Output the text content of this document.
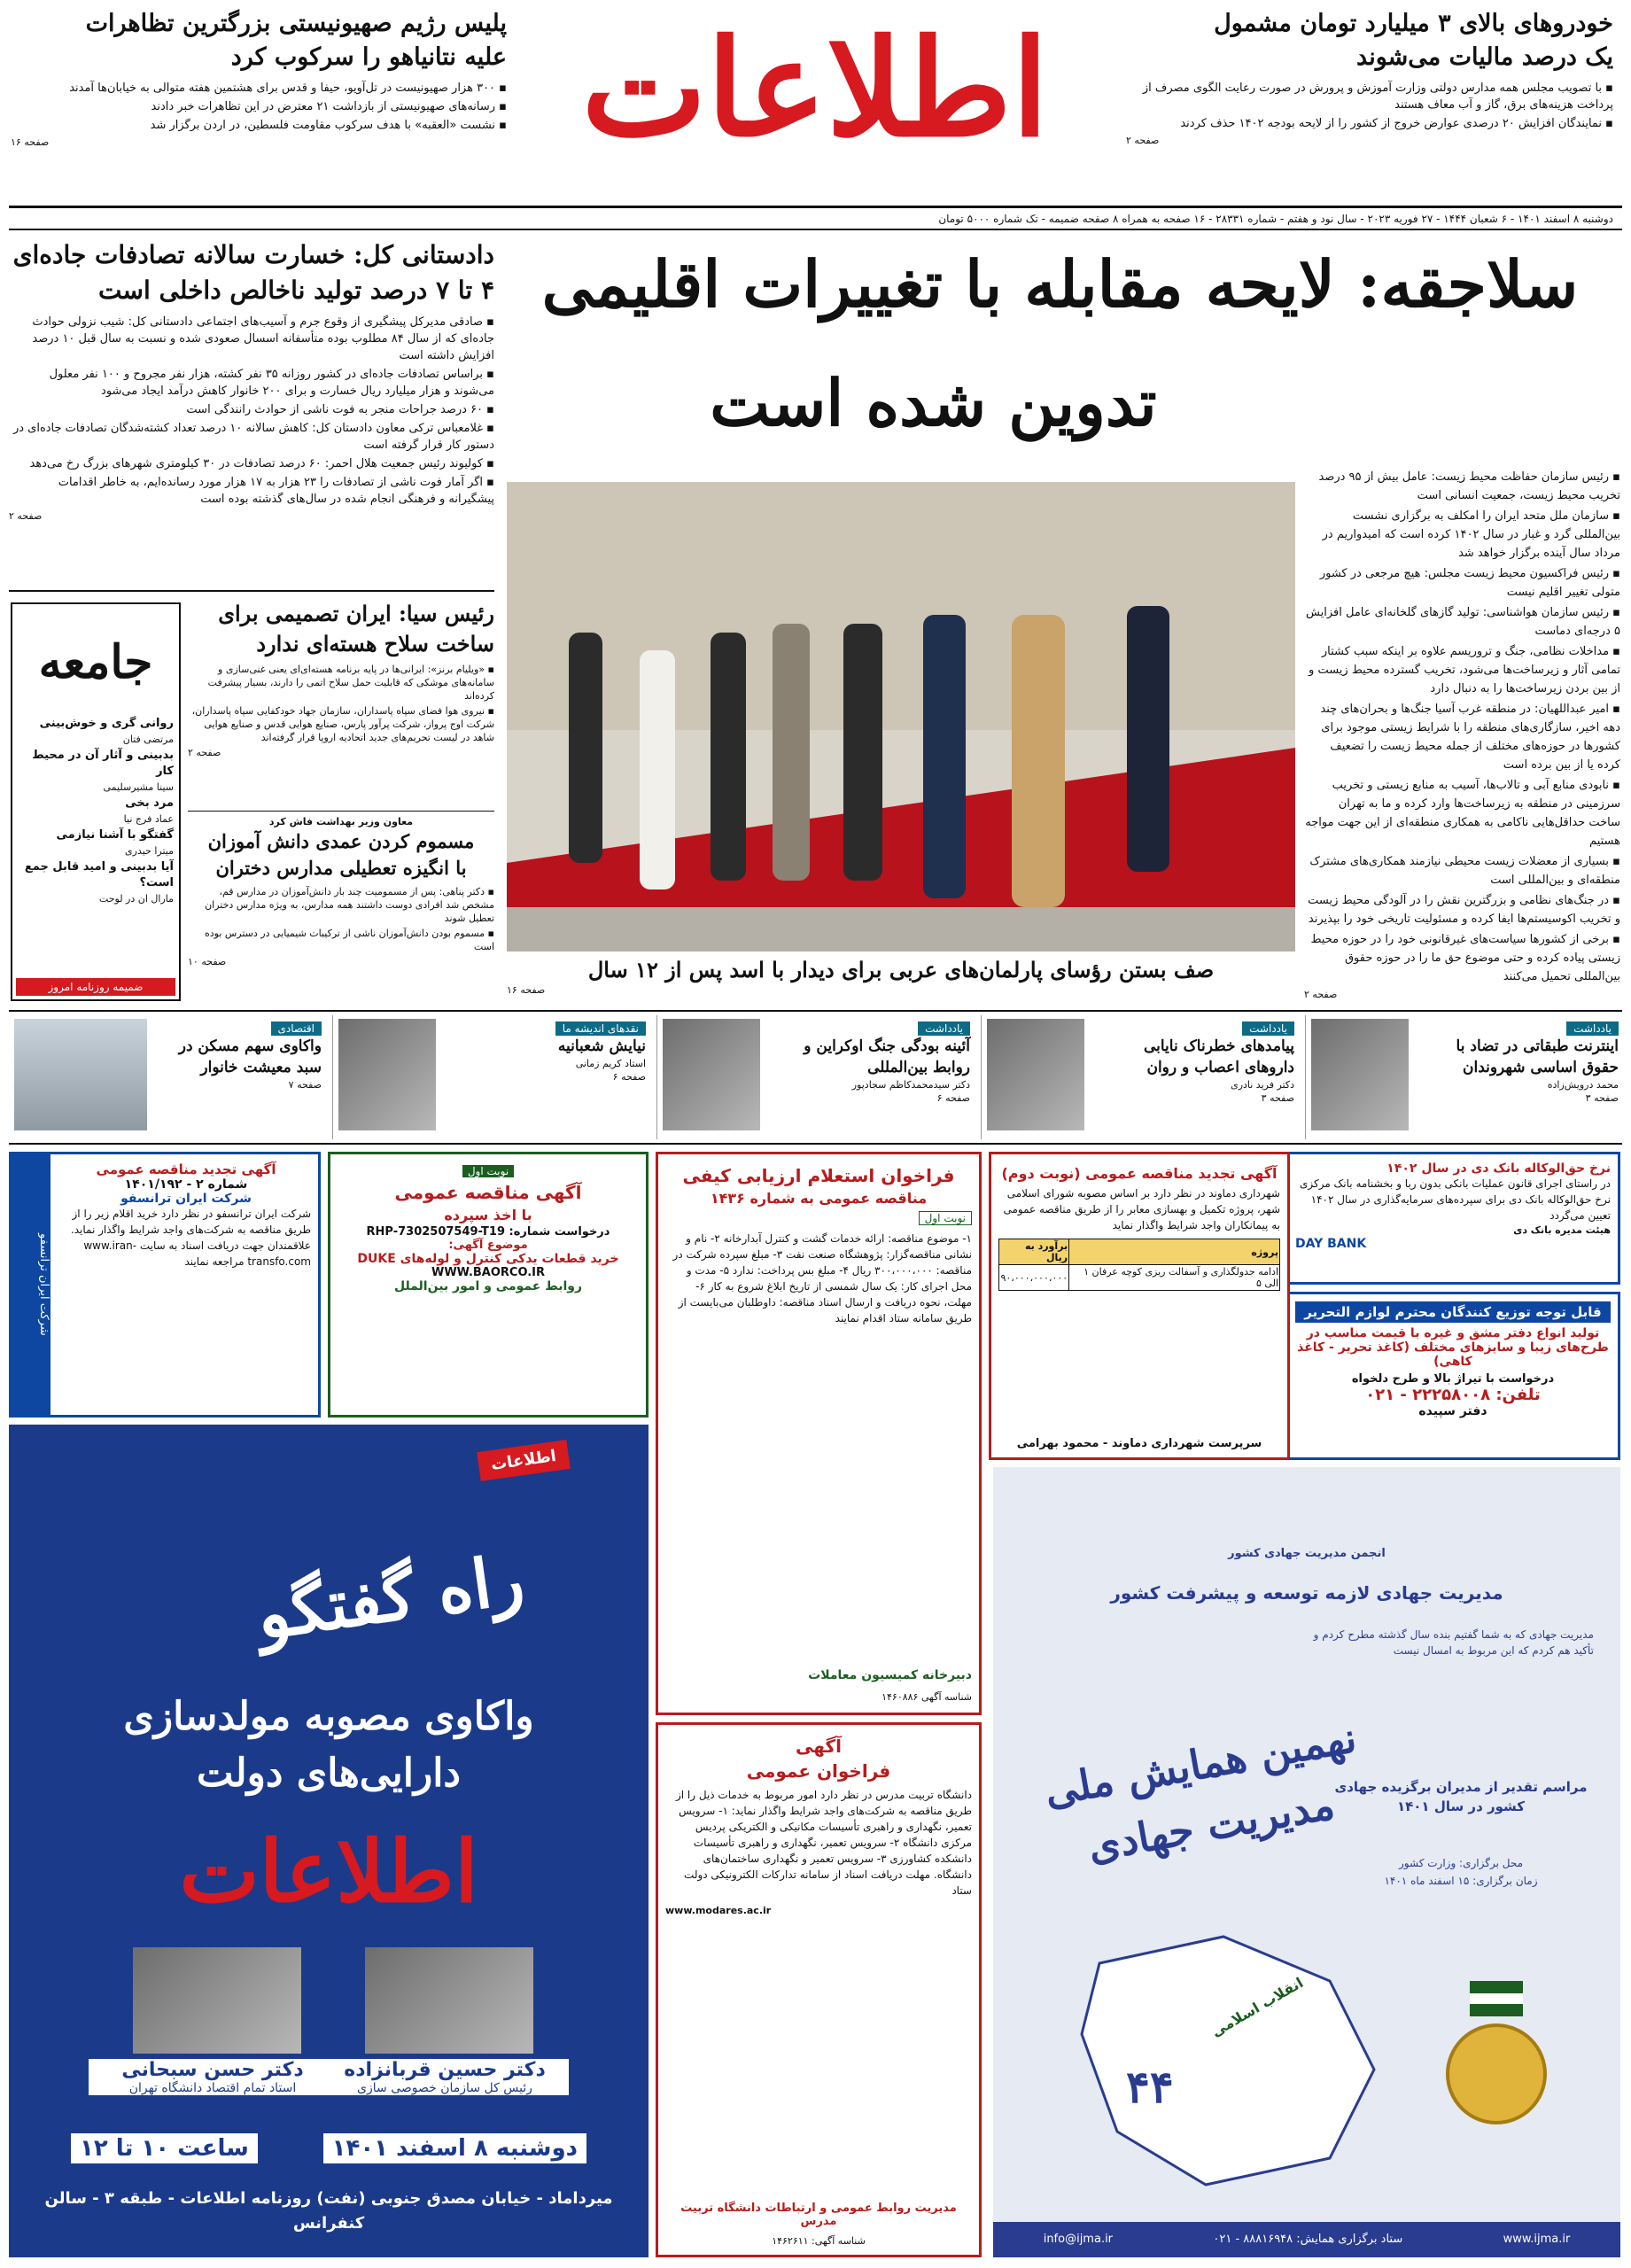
خودروهای بالای ۳ میلیارد تومان مشمول
یک درصد مالیات می‌شوند
▪ با تصویب مجلس همه مدارس دولتی وزارت آموزش و پرورش در صورت رعایت الگوی مصرف از پرداخت هزینه‌های برق، گاز و آب معاف هستند
▪ نمایندگان افزایش ۲۰ درصدی عوارض خروج از کشور را از لایحه بودجه ۱۴۰۲ حذف کردند
صفحه ۲
اطلاعات
پلیس رژیم صهیونیستی بزرگترین تظاهرات
علیه نتانیاهو را سرکوب کرد
▪ ۳۰۰ هزار صهیونیست در تل‌آویو، حیفا و قدس برای هشتمین هفته متوالی به خیابان‌ها آمدند
▪ رسانه‌های صهیونیستی از بازداشت ۲۱ معترض در این تظاهرات خبر دادند
▪ نشست «العقبه» با هدف سرکوب مقاومت فلسطین، در اردن برگزار شد
صفحه ۱۶
دوشنبه ۸ اسفند ۱۴۰۱ - ۶ شعبان ۱۴۴۴ - ۲۷ فوریه ۲۰۲۳ - سال نود و هفتم - شماره ۲۸۳۳۱ - ۱۶ صفحه به همراه ۸ صفحه ضمیمه - تک شماره ۵۰۰۰ تومان
دادستانی کل: خسارت سالانه تصادفات جاده‌ای
۴ تا ۷ درصد تولید ناخالص داخلی است
▪ صادقی مدیرکل پیشگیری از وقوع جرم و آسیب‌های اجتماعی دادستانی کل: شیب نزولی حوادث جاده‌ای که از سال ۸۴ مطلوب بوده متأسفانه اسسال صعودی شده و نسبت به سال قبل ۱۰ درصد افزایش داشته است
▪ براساس تصادفات جاده‌ای در کشور روزانه ۳۵ نفر کشته، هزار نفر مجروح و ۱۰۰ نفر معلول می‌شوند و هزار میلیارد ریال خسارت و برای ۲۰۰ خانوار کاهش درآمد ایجاد می‌شود
▪ ۶۰ درصد جراحات منجر به فوت ناشی از حوادث رانندگی است
▪ غلامعباس ترکی معاون دادستان کل: کاهش سالانه ۱۰ درصد تعداد کشته‌شدگان تصادفات جاده‌ای در دستور کار قرار گرفته است
▪ کولیوند رئیس جمعیت هلال احمر: ۶۰ درصد تصادفات در ۳۰ کیلومتری شهرهای بزرگ رخ می‌دهد
▪ اگر آمار فوت ناشی از تصادفات را ۲۳ هزار به ۱۷ هزار مورد رسانده‌ایم، به خاطر اقدامات پیشگیرانه و فرهنگی انجام شده در سال‌های گذشته بوده است
صفحه ۲
رئیس سیا: ایران تصمیمی برای
ساخت سلاح هسته‌ای ندارد
▪ «ویلیام برنز»: ایرانی‌ها در پایه برنامه هسته‌ای‌ای یعنی غنی‌سازی و سامانه‌های موشکی که قابلیت حمل سلاح اتمی را دارند، بسیار پیشرفت کرده‌اند
▪ نیروی هوا فضای سپاه پاسداران، سازمان جهاد خودکفایی سپاه پاسداران، شرکت اوج پرواز، شرکت پرآور پارس، صنایع هوایی قدس و صنایع هوایی شاهد در لیست تحریم‌های جدید اتحادیه اروپا قرار گرفته‌اند
صفحه ۲
معاون وزیر بهداشت فاش کرد
مسموم کردن عمدی دانش آموزان
با انگیزه تعطیلی مدارس دختران
▪ دکتر پناهی: پس از مسمومیت چند بار دانش‌آموزان در مدارس قم، مشخص شد افرادی دوست داشتند همه مدارس، به ویژه مدارس دختران تعطیل شوند
▪ مسموم بودن دانش‌آموزان ناشی از ترکیبات شیمیایی در دسترس بوده است
صفحه ۱۰
جامعه
روانی گری و خوش‌بینی
مرتضی فتان
بدبینی و آثار آن در محیط کار
سینا مشیرسلیمی
مرد بخی
عماد فرج نیا
گفتگو با آشنا نیازمی
میترا حیدری
آیا بدبینی و امید قابل جمع است؟
مارال ان در لوحت
ضمیمه روزنامه امروز
سلاجقه: لایحه مقابله با تغییرات اقلیمی
تدوین شده است
صف بستن رؤسای پارلمان‌های عربی برای دیدار با اسد پس از ۱۲ سال
صفحه ۱۶
▪ رئیس سازمان حفاظت محیط زیست: عامل بیش از ۹۵ درصد تخریب محیط زیست، جمعیت انسانی است
▪ سازمان ملل متحد ایران را امکلف به برگزاری نشست بین‌المللی گرد و غبار در سال ۱۴۰۲ کرده است که امیدواریم در مرداد سال آینده برگزار خواهد شد
▪ رئیس فراکسیون محیط زیست مجلس: هیچ مرجعی در کشور متولی تغییر اقلیم نیست
▪ رئیس سازمان هواشناسی: تولید گازهای گلخانه‌ای عامل افزایش ۵ درجه‌ای دماست
▪ مداخلات نظامی، جنگ و تروریسم علاوه بر اینکه سبب کشتار تمامی آثار و زیرساخت‌ها می‌شود، تخریب گسترده محیط زیست و از بین بردن زیرساخت‌ها را به دنبال دارد
▪ امیر عبداللهیان: در منطقه غرب آسیا جنگ‌ها و بحران‌های چند دهه اخیر، سازگاری‌های منطقه را با شرایط زیستی موجود برای کشورها در حوزه‌های مختلف از جمله محیط زیست را تضعیف کرده یا از بین برده است
▪ نابودی منابع آبی و تالاب‌ها، آسیب به منابع زیستی و تخریب سرزمینی در منطقه به زیرساخت‌ها وارد کرده و ما به تهران ساخت حداقل‌هایی ناکامی به همکاری منطقه‌ای از این جهت مواجه هستیم
▪ بسیاری از معضلات زیست محیطی نیازمند همکاری‌های مشترک منطقه‌ای و بین‌المللی است
▪ در جنگ‌های نظامی و بزرگترین نقش را در آلودگی محیط زیست و تخریب اکوسیستم‌ها ایفا کرده و مسئولیت تاریخی خود را بپذیرند
▪ برخی از کشورها سیاست‌های غیرقانونی خود را در حوزه محیط زیستی پیاده کرده و حتی موضوع حق ما را در حوزه حقوق بین‌المللی تحمیل می‌کنند
صفحه ۲
یادداشت
اینترنت طبقاتی در تضاد با حقوق اساسی شهروندان
محمد درویش‌زاده
صفحه ۳
یادداشت
پیامدهای خطرناک نایابی داروهای اعصاب و روان
دکتر فرید نادری
صفحه ۳
یادداشت
آئینه بودگی جنگ اوکراین و روابط بین‌المللی
دکتر سیدمحمدکاظم سجادپور
صفحه ۶
نقدهای اندیشه ما
نیایش شعبانیه
استاد کریم زمانی
صفحه ۶
اقتصادی
واکاوی سهم مسکن در سبد معیشت خانوار
صفحه ۷
نرخ حق‌الوکاله بانک دی در سال ۱۴۰۲
در راستای اجرای قانون عملیات بانکی بدون ربا و بخشنامه بانک مرکزی نرخ حق‌الوکاله بانک دی برای سپرده‌های سرمایه‌گذاری در سال ۱۴۰۲ تعیین می‌گردد
هیئت مدیره بانک دی
DAY BANK
قابل توجه توزیع کنندگان محترم لوازم التحریر
تولید انواع دفتر مشق و غیره با قیمت مناسب در طرح‌های زیبا و سایزهای مختلف (کاغذ تحریر - کاغذ کاهی)
درخواست با تیراژ بالا و طرح دلخواه
تلفن: ۲۲۲۵۸۰۰۸ - ۰۲۱
دفتر سپیده
آگهی تجدید مناقصه عمومی (نوبت دوم)
شهرداری دماوند در نظر دارد بر اساس مصوبه شورای اسلامی شهر، پروژه تکمیل و بهسازی معابر را از طریق مناقصه عمومی به پیمانکاران واجد شرایط واگذار نماید
پروژه	برآورد به ریال
ادامه جدولگذاری و آسفالت ریزی کوچه عرفان ۱ الی ۵	۹۰،۰۰۰،۰۰۰،۰۰۰
سرپرست شهرداری دماوند - محمود بهرامی
فراخوان استعلام ارزیابی کیفی
مناقصه عمومی به شماره ۱۴۳۶
نوبت اول
۱- موضوع مناقصه: ارائه خدمات گشت و کنترل آبدارخانه ۲- نام و نشانی مناقصه‌گزار: پژوهشگاه صنعت نفت ۳- مبلغ سپرده شرکت در مناقصه: ۳۰۰،۰۰۰،۰۰۰ ریال ۴- مبلغ بس پرداخت: ندارد ۵- مدت و محل اجرای کار: یک سال شمسی از تاریخ ابلاغ شروع به کار ۶- مهلت، نحوه دریافت و ارسال اسناد مناقصه: داوطلبان می‌بایست از طریق سامانه ستاد اقدام نمایند
دبیرخانه کمیسیون معاملات
شناسه آگهی ۱۴۶۰۸۸۶
نوبت اول
آگهی مناقصه عمومی
با اخذ سپرده
درخواست شماره: RHP-7302507549-T19
موضوع آگهی:
خرید قطعات یدکی کنترل و لوله‌های DUKE
WWW.BAORCO.IR
روابط عمومی و امور بین‌الملل
شرکت ایران ترانسفو
آگهی تجدید مناقصه عمومی
شماره ۲ - ۱۴۰۱/۱۹۲
شرکت ایران ترانسفو
شرکت ایران ترانسفو در نظر دارد خرید اقلام زیر را از طریق مناقصه به شرکت‌های واجد شرایط واگذار نماید. علاقمندان جهت دریافت اسناد به سایت www.iran-transfo.com مراجعه نمایند
اطلاعات
راه گفتگو
واکاوی مصوبه مولدسازی
دارایی‌های دولت
اطلاعات
دکتر حسین قربانزاده
رئیس کل سازمان خصوصی سازی
دکتر حسن سبحانی
استاد تمام اقتصاد دانشگاه تهران
دوشنبه ۸ اسفند ۱۴۰۱
ساعت ۱۰ تا ۱۲
میرداماد - خیابان مصدق جنوبی (نفت) روزنامه اطلاعات - طبقه ۳ - سالن کنفرانس
آگهی
فراخوان عمومی
دانشگاه تربیت مدرس در نظر دارد امور مربوط به خدمات ذیل را از طریق مناقصه به شرکت‌های واجد شرایط واگذار نماید: ۱- سرویس تعمیر، نگهداری و راهبری تأسیسات مکانیکی و الکتریکی پردیس مرکزی دانشگاه ۲- سرویس تعمیر، نگهداری و راهبری تأسیسات دانشکده کشاورزی ۳- سرویس تعمیر و نگهداری ساختمان‌های دانشگاه. مهلت دریافت اسناد از سامانه تدارکات الکترونیکی دولت ستاد
www.modares.ac.ir
مدیریت روابط عمومی و ارتباطات دانشگاه تربیت مدرس
شناسه آگهی: ۱۴۶۲۶۱۱
انجمن مدیریت جهادی کشور
مدیریت جهادی لازمه توسعه و پیشرفت کشور
مدیریت جهادی که به شما گفتیم بنده سال گذشته مطرح کردم و تأکید هم کردم که این مربوط به امسال نیست
نهمین همایش ملی مدیریت جهادی
مراسم تقدیر از مدیران برگزیده جهادی کشور در سال ۱۴۰۱
محل برگزاری: وزارت کشور
زمان برگزاری: ۱۵ اسفند ماه ۱۴۰۱
۴۴
انقلاب اسلامی
www.ijma.ir
ستاد برگزاری همایش: ۸۸۸۱۶۹۴۸ - ۰۲۱
info@ijma.ir
